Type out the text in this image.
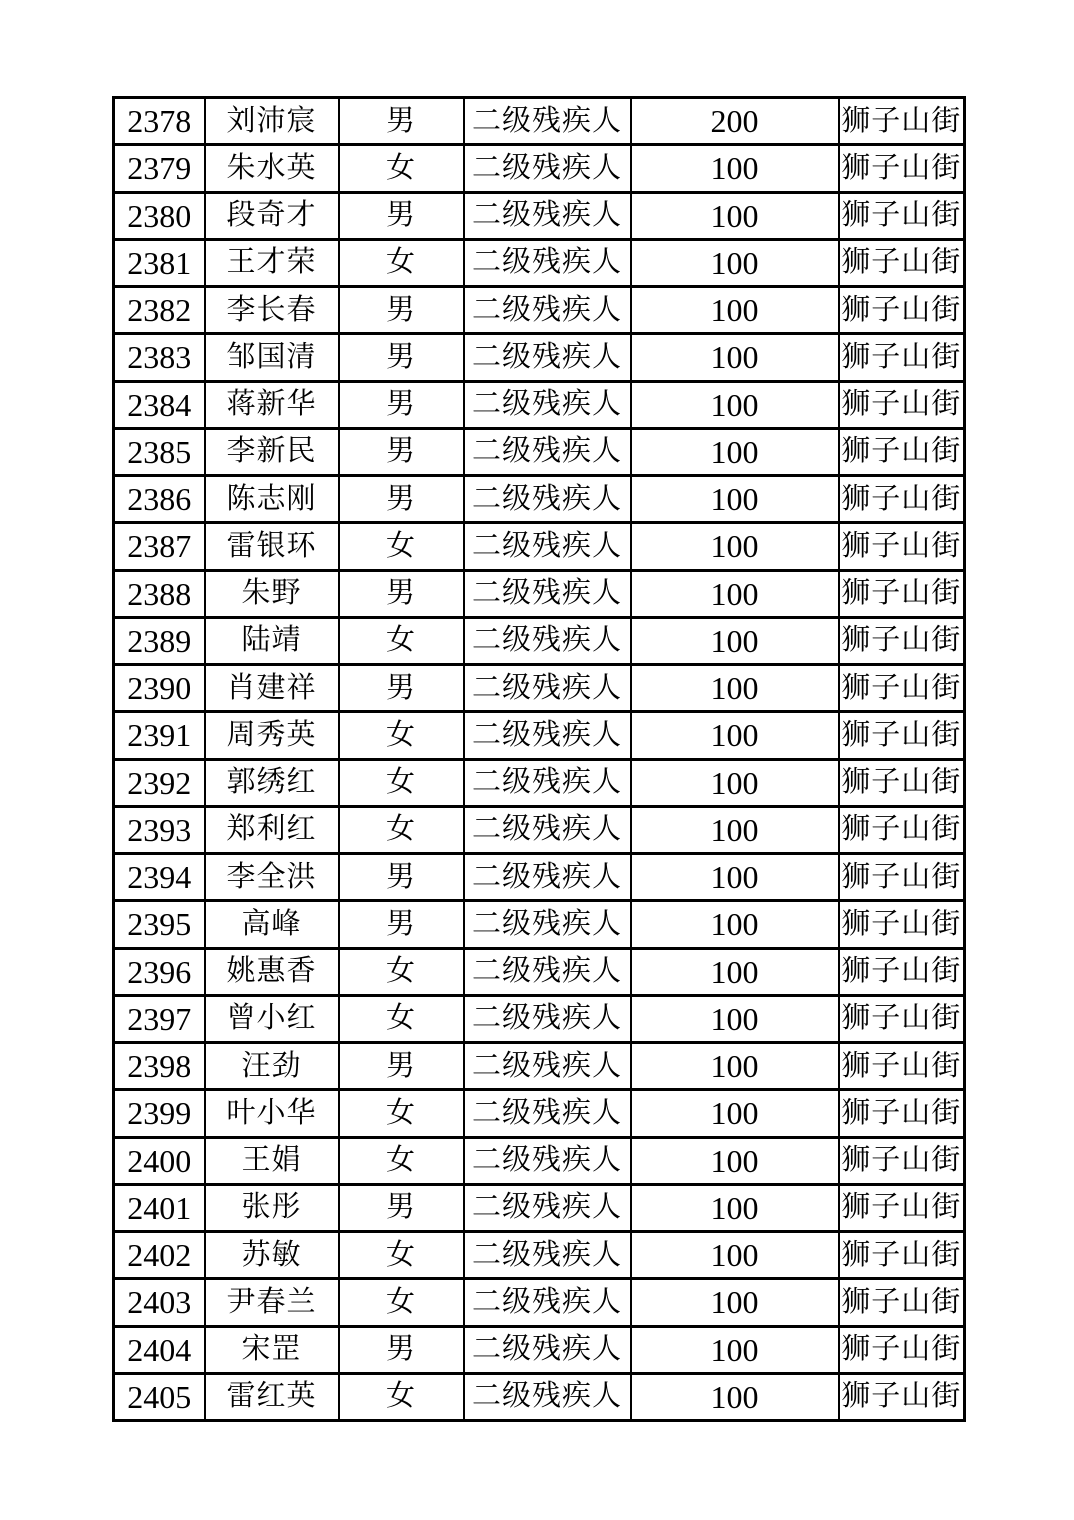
2378	刘沛宸	男	二级残疾人	200	狮子山街
2379	朱水英	女	二级残疾人	100	狮子山街
2380	段奇才	男	二级残疾人	100	狮子山街
2381	王才荣	女	二级残疾人	100	狮子山街
2382	李长春	男	二级残疾人	100	狮子山街
2383	邹国清	男	二级残疾人	100	狮子山街
2384	蒋新华	男	二级残疾人	100	狮子山街
2385	李新民	男	二级残疾人	100	狮子山街
2386	陈志刚	男	二级残疾人	100	狮子山街
2387	雷银环	女	二级残疾人	100	狮子山街
2388	朱野	男	二级残疾人	100	狮子山街
2389	陆靖	女	二级残疾人	100	狮子山街
2390	肖建祥	男	二级残疾人	100	狮子山街
2391	周秀英	女	二级残疾人	100	狮子山街
2392	郭绣红	女	二级残疾人	100	狮子山街
2393	郑利红	女	二级残疾人	100	狮子山街
2394	李全洪	男	二级残疾人	100	狮子山街
2395	高峰	男	二级残疾人	100	狮子山街
2396	姚惠香	女	二级残疾人	100	狮子山街
2397	曾小红	女	二级残疾人	100	狮子山街
2398	汪劲	男	二级残疾人	100	狮子山街
2399	叶小华	女	二级残疾人	100	狮子山街
2400	王娟	女	二级残疾人	100	狮子山街
2401	张彤	男	二级残疾人	100	狮子山街
2402	苏敏	女	二级残疾人	100	狮子山街
2403	尹春兰	女	二级残疾人	100	狮子山街
2404	宋罡	男	二级残疾人	100	狮子山街
2405	雷红英	女	二级残疾人	100	狮子山街
